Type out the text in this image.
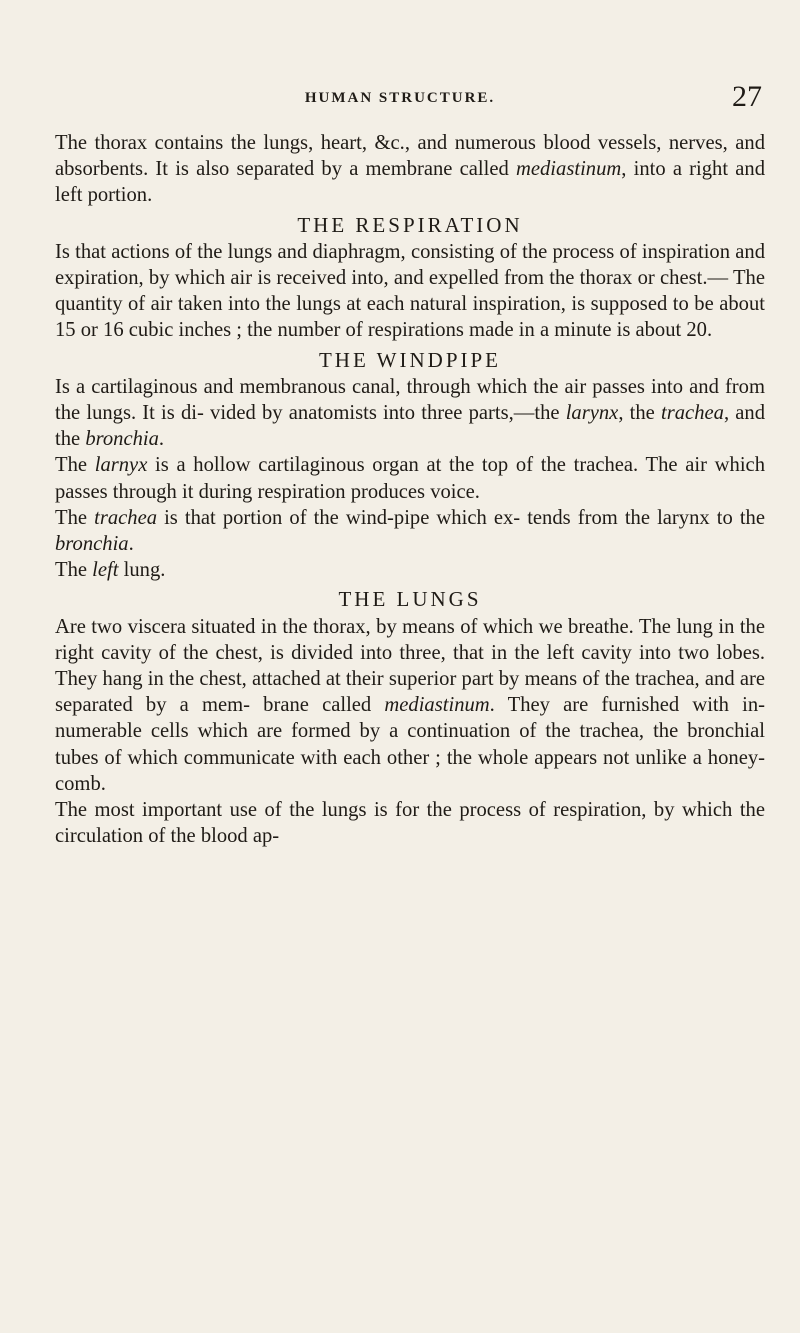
HUMAN STRUCTURE.	27

The thorax contains the lungs, heart, &c., and numerous blood vessels, nerves, and absorbents. It is also separated by a membrane called mediastinum, into a right and left portion.

THE RESPIRATION

Is that actions of the lungs and diaphragm, consisting of the process of inspiration and expiration, by which air is received into, and expelled from the thorax or chest.— The quantity of air taken into the lungs at each natural inspiration, is supposed to be about 15 or 16 cubic inches ; the number of respirations made in a minute is about 20.

THE WINDPIPE

Is a cartilaginous and membranous canal, through which the air passes into and from the lungs. It is di- vided by anatomists into three parts,—the larynx, the trachea, and the bronchia.

The larnyx is a hollow cartilaginous organ at the top of the trachea. The air which passes through it during respiration produces voice.

The trachea is that portion of the wind-pipe which ex- tends from the larynx to the bronchia.

The left lung.

THE LUNGS

Are two viscera situated in the thorax, by means of which we breathe. The lung in the right cavity of the chest, is divided into three, that in the left cavity into two lobes. They hang in the chest, attached at their superior part by means of the trachea, and are separated by a mem- brane called mediastinum. They are furnished with in- numerable cells which are formed by a continuation of the trachea, the bronchial tubes of which communicate with each other ; the whole appears not unlike a honey-comb.

The most important use of the lungs is for the process of respiration, by which the circulation of the blood ap-
